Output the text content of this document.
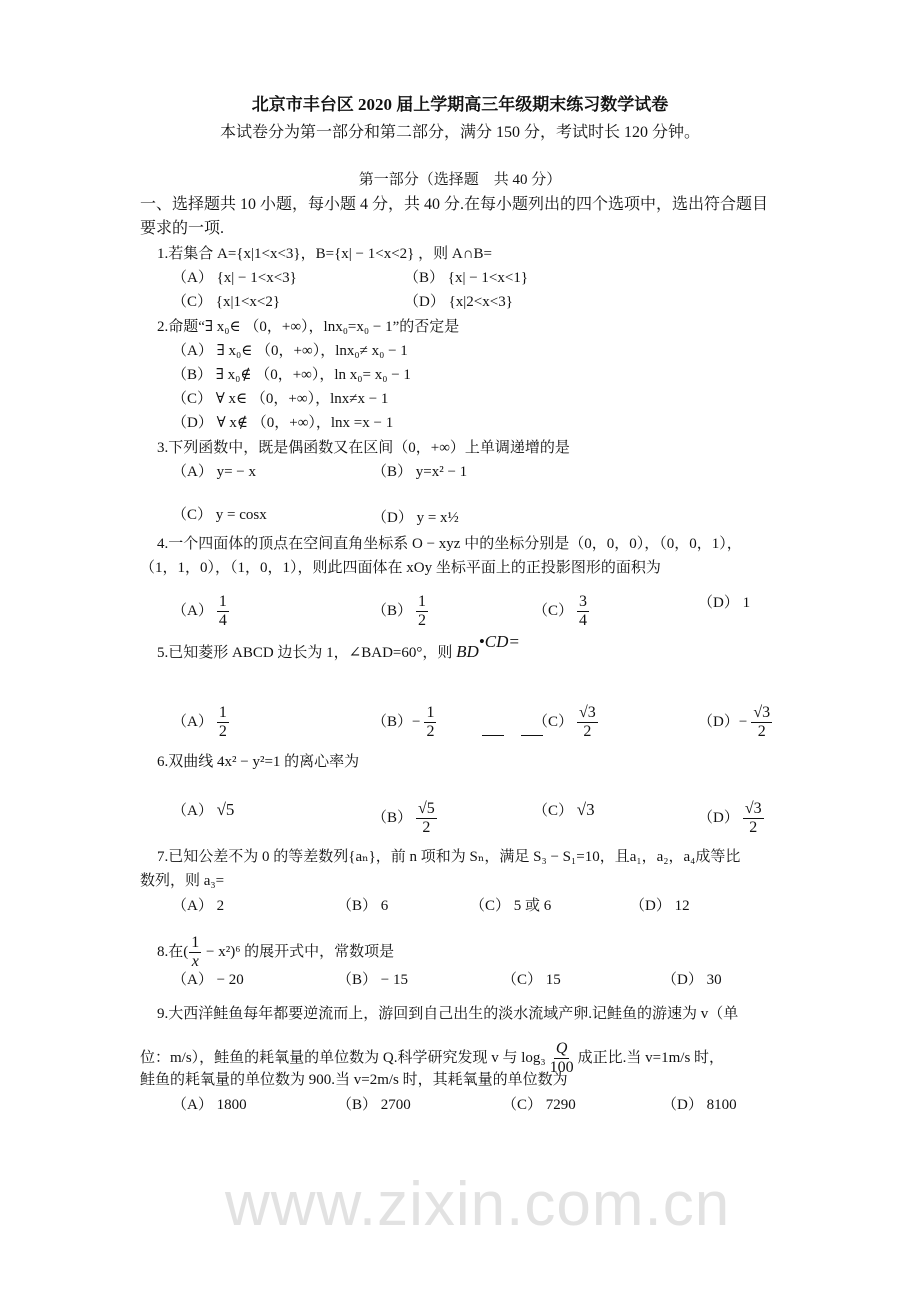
北京市丰台区 2020 届上学期高三年级期末练习数学试卷
本试卷分为第一部分和第二部分，满分 150 分，考试时长 120 分钟。
第一部分（选择题　共 40 分）
一、选择题共 10 小题，每小题 4 分，共 40 分.在每小题列出的四个选项中，选出符合题目
要求的一项.
www.zixin.com.cn
1.若集合 A={x|1<x<3}，B={x| − 1<x<2} ，则 A∩B=
（A） {x| − 1<x<3}	（B） {x| − 1<x<1}
（C） {x|1<x<2}	（D） {x|2<x<3}
2.命题“∃ x₀∈ （0，+∞），lnx₀=x₀ − 1”的否定是
（A） ∃ x₀∈ （0，+∞），lnx₀≠ x₀ − 1
（B） ∃ x₀∉ （0，+∞），ln x₀= x₀ − 1
（C） ∀ x∈ （0，+∞），lnx≠x − 1
（D） ∀ x∉ （0，+∞），lnx =x − 1
3.下列函数中，既是偶函数又在区间（0，+∞）上单调递增的是
（A） y= − x	（B） y=x² − 1
（C） y = cosx	（D） y = x½
4.一个四面体的顶点在空间直角坐标系 O − xyz 中的坐标分别是（0，0，0），（0，0，1），
（1，1，0），（1，0，1），则此四面体在 xOy 坐标平面上的正投影图形的面积为
$(A) \frac{1}{4}$	$(B) \frac{1}{2}$	$(C) \frac{3}{4}$	（D） 1
5.已知菱形 ABCD 边长为 1，∠BAD=60°，则 BD•CD=
$(A) \frac{1}{2}$	$(B)- \frac{1}{2}$	$(C) \frac{√3}{2}$	$(D)- \frac{√3}{2}$
6.双曲线 4x² − y²=1 的离心率为
（A） √5	$(B) \frac{√5}{2}$	（C） √3	$(D) \frac{√3}{2}$
7.已知公差不为 0 的等差数列{aₙ}，前 n 项和为 Sₙ，满足 S₃ − S₁=10，且a₁，a₂，a₄成等比
数列，则 a₃=
（A） 2	（B） 6	（C） 5 或 6	（D） 12
8.在( $\frac{1}{x} - x^2)^6$ 的展开式中，常数项是
（A） − 20	（B） − 15	（C） 15	（D） 30
9.大西洋鲑鱼每年都要逆流而上，游回到自己出生的淡水流域产卵.记鲑鱼的游速为 v（单
位：m/s），鲑鱼的耗氧量的单位数为 Q.科学研究发现 v 与 $\log_3 \frac{Q}{100}$ 成正比.当 v=1m/s 时，
鲑鱼的耗氧量的单位数为 900.当 v=2m/s 时，其耗氧量的单位数为
（A） 1800	（B） 2700	（C） 7290	（D） 8100
